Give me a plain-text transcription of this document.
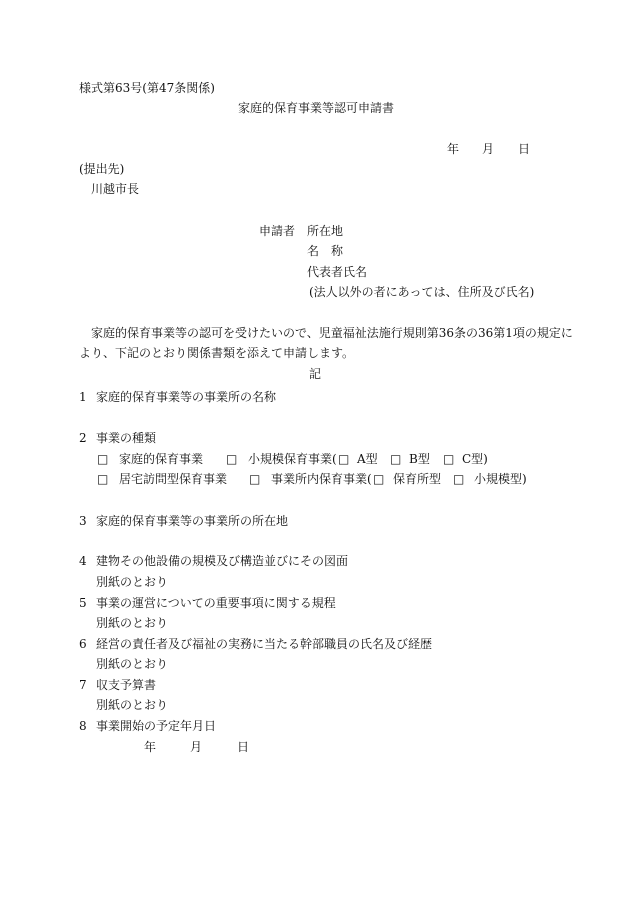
様式第63号(第47条関係)
家庭的保育事業等認可申請書
年 月 日
(提出先)
川越市長
申請者 所在地
名　称
代表者氏名
(法人以外の者にあっては、住所及び氏名)
家庭的保育事業等の認可を受けたいので、児童福祉法施行規則第36条の36第1項の規定に
より、下記のとおり関係書類を添えて申請します。
記
1 家庭的保育事業等の事業所の名称
2 事業の種類
□ 家庭的保育事業 □ 小規模保育事業( □ A型 □ B型 □ C型)
□ 居宅訪問型保育事業 □ 事業所内保育事業( □ 保育所型 □ 小規模型)
3 家庭的保育事業等の事業所の所在地
4 建物その他設備の規模及び構造並びにその図面
別紙のとおり
5 事業の運営についての重要事項に関する規程
別紙のとおり
6 経営の責任者及び福祉の実務に当たる幹部職員の氏名及び経歴
別紙のとおり
7 収支予算書
別紙のとおり
8 事業開始の予定年月日
年	月	日
